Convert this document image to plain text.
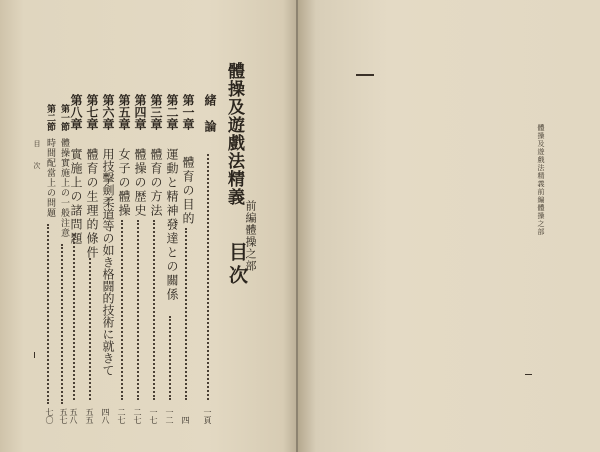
體操及遊戲法精義
前編體操之部
目次
緒論
一頁
第一章
體育の目的
四
第二章
運動と精神發達との關係
一二
第三章
體育の方法
一七
第四章
體操の歴史
二七
第五章
女子の體操
二七
第六章
用技擊劍柔道等の如き格闘的技術に就きて
四八
第七章
體育の生理的條件
五五
第八章
實施上の諸問題
五八
第一節
體操實施上の一般注意
五七
第二節
時間配當上の問題
七〇
目　次	體操及遊戲法精義前編體操之部
